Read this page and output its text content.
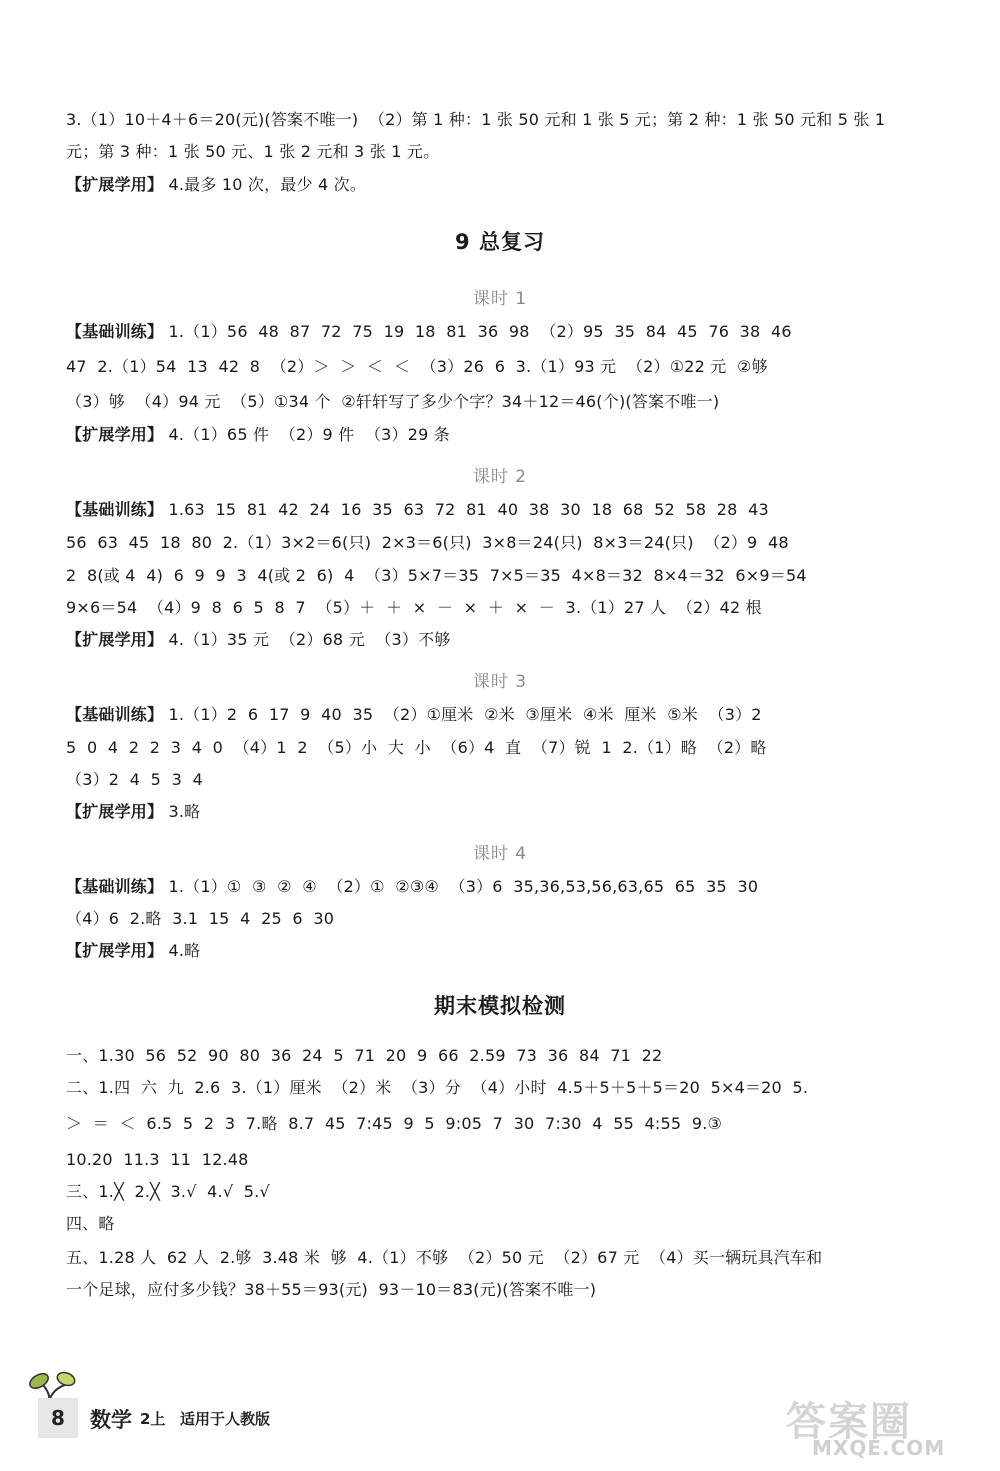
3.（1）10＋4＋6＝20(元)(答案不唯一)  （2）第 1 种：1 张 50 元和 1 张 5 元；第 2 种：1 张 50 元和 5 张 1
元；第 3 种：1 张 50 元、1 张 2 元和 3 张 1 元。
【扩展学用】 4.最多 10 次，最少 4 次。
9 总复习
课时 1
【基础训练】 1.（1）56  48  87  72  75  19  18  81  36  98  （2）95  35  84  45  76  38  46
47  2.（1）54  13  42  8  （2）＞  ＞  ＜  ＜  （3）26  6  3.（1）93 元  （2）①22 元  ②够
（3）够  （4）94 元  （5）①34 个  ②轩轩写了多少个字？34＋12＝46(个)(答案不唯一)
【扩展学用】 4.（1）65 件  （2）9 件  （3）29 条
课时 2
【基础训练】 1.63  15  81  42  24  16  35  63  72  81  40  38  30  18  68  52  58  28  43
56  63  45  18  80  2.（1）3×2＝6(只)  2×3＝6(只)  3×8＝24(只)  8×3＝24(只)  （2）9  48
2  8(或 4  4)  6  9  9  3  4(或 2  6)  4  （3）5×7＝35  7×5＝35  4×8＝32  8×4＝32  6×9＝54
9×6＝54  （4）9  8  6  5  8  7  （5）＋  ＋  ×  －  ×  ＋  ×  －  3.（1）27 人  （2）42 根
【扩展学用】 4.（1）35 元  （2）68 元  （3）不够
课时 3
【基础训练】 1.（1）2  6  17  9  40  35  （2）①厘米  ②米  ③厘米  ④米  厘米  ⑤米  （3）2
5  0  4  2  2  3  4  0  （4）1  2  （5）小  大  小  （6）4  直  （7）锐  1  2.（1）略  （2）略
（3）2  4  5  3  4
【扩展学用】 3.略
课时 4
【基础训练】 1.（1）①  ③  ②  ④  （2）①  ②③④  （3）6  35,36,53,56,63,65  65  35  30
（4）6  2.略  3.1  15  4  25  6  30
【扩展学用】 4.略
期末模拟检测
一、1.30  56  52  90  80  36  24  5  71  20  9  66  2.59  73  36  84  71  22
二、1.四  六  九  2.6  3.（1）厘米  （2）米  （3）分  （4）小时  4.5＋5＋5＋5＝20  5×4＝20  5.
＞  ＝  ＜  6.5  5  2  3  7.略  8.7  45  7:45  9  5  9:05  7  30  7:30  4  55  4:55  9.③
10.20  11.3  11  12.48
三、1.╳  2.╳  3.√  4.√  5.√
四、略
五、1.28 人  62 人  2.够  3.48 米  够  4.（1）不够  （2）50 元  （2）67 元  （4）买一辆玩具汽车和
一个足球，应付多少钱？38＋55＝93(元)  93－10＝83(元)(答案不唯一)
8	数学 2上 适用于人教版	答案圈
MXQE.COM
